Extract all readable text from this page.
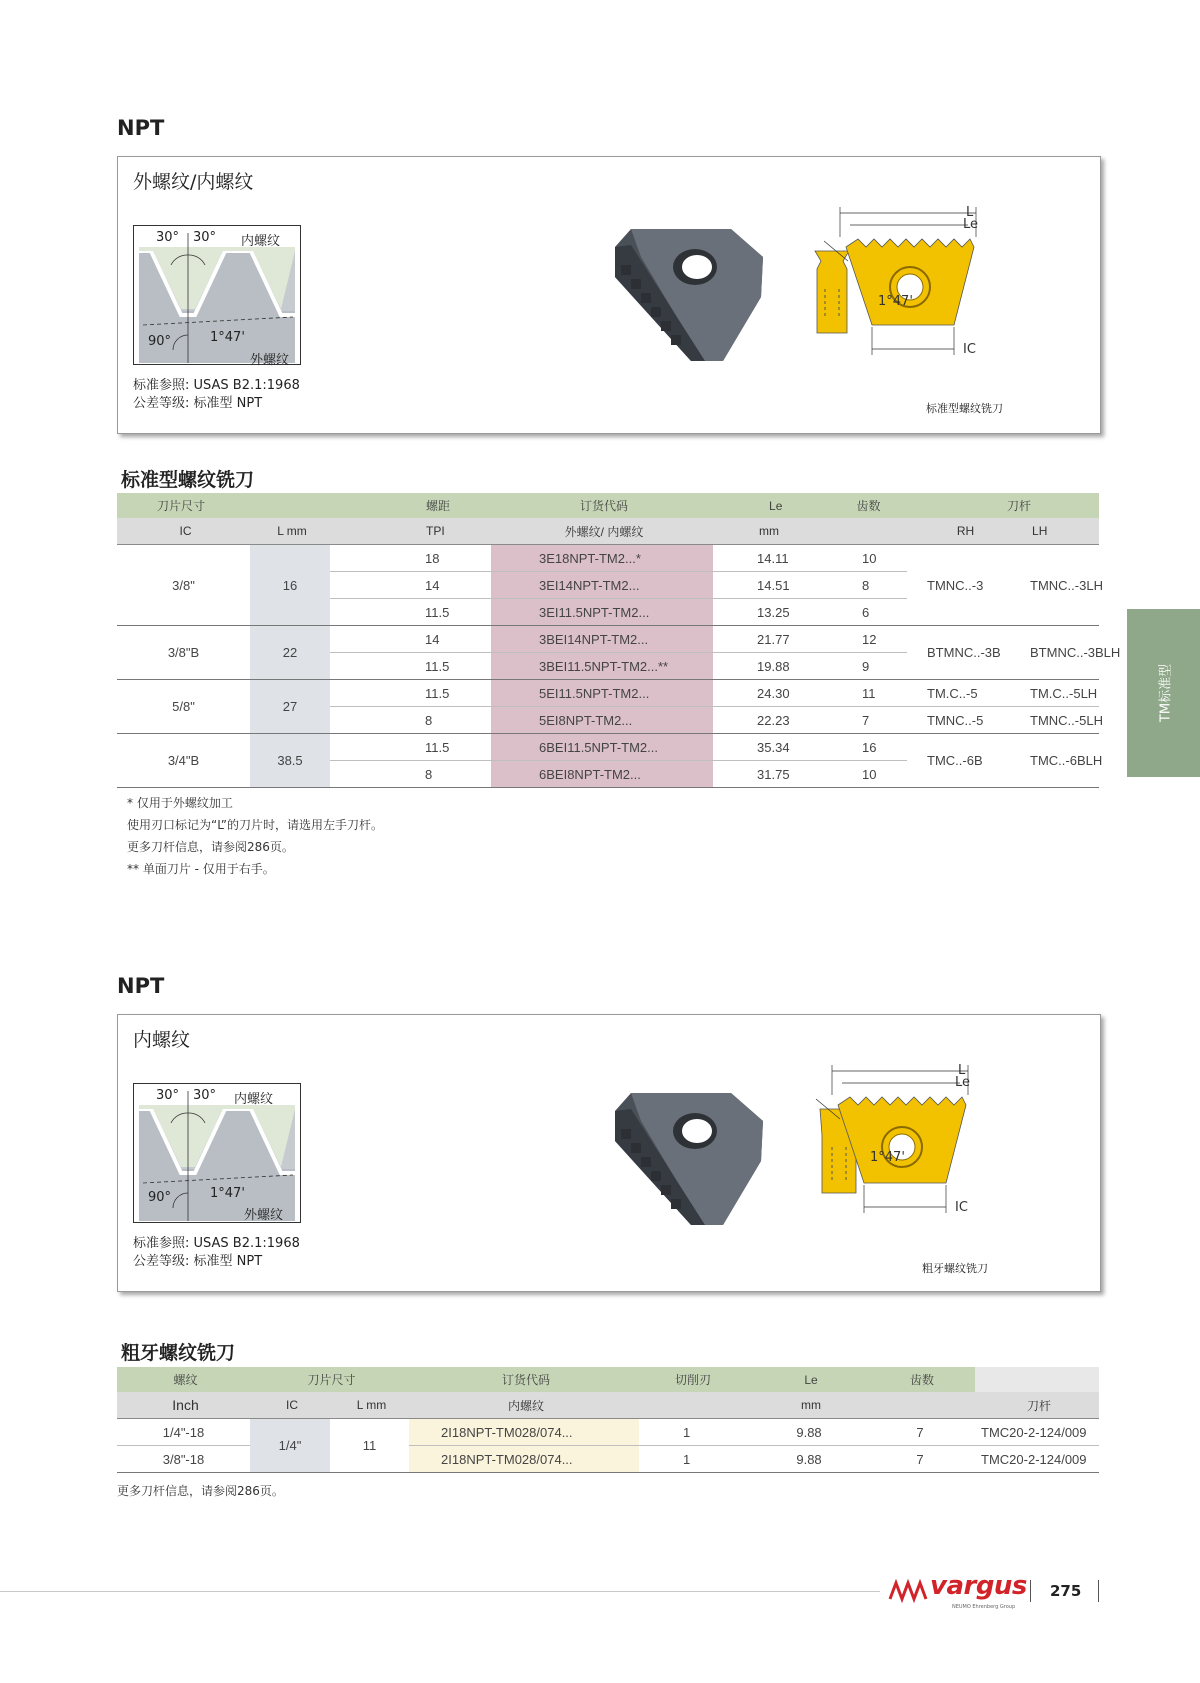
NPT
外螺纹/内螺纹
30° 30° 内螺纹
90°	1°47'
外螺纹
标准参照: USAS B2.1:1968
公差等级: 标准型 NPT
L
Le
1°47'
IC
标准型螺纹铣刀
标准型螺纹铣刀
刀片尺寸		螺距	订货代码	Le	齿数	刀杆	
IC	L mm	TPI	外螺纹/ 内螺纹	mm		RH	LH
3/8"	16	18	3E18NPT-TM2...*	14.11	10	TMNC..-3	TMNC..-3LH
		14	3EI14NPT-TM2...	14.51	8		
		11.5	3EI11.5NPT-TM2...	13.25	6		
3/8"B	22	14	3BEI14NPT-TM2...	21.77	12	BTMNC..-3B	BTMNC..-3BLH
		11.5	3BEI11.5NPT-TM2...**	19.88	9		
5/8"	27	11.5	5EI11.5NPT-TM2...	24.30	11	TM.C..-5	TM.C..-5LH
		8	5EI8NPT-TM2...	22.23	7	TMNC..-5	TMNC..-5LH
3/4"B	38.5	11.5	6BEI11.5NPT-TM2...	35.34	16	TMC..-6B	TMC..-6BLH
		8	6BEI8NPT-TM2...	31.75	10		
* 仅用于外螺纹加工
使用刃口标记为“L”的刀片时，请选用左手刀杆。
更多刀杆信息，请参阅286页。
** 单面刀片 - 仅用于右手。
NPT
内螺纹
30° 30° 内螺纹
90°	1°47'
外螺纹
标准参照: USAS B2.1:1968
公差等级: 标准型 NPT
L
Le
1°47'
IC
粗牙螺纹铣刀
粗牙螺纹铣刀
螺纹	刀片尺寸		订货代码	切削刃	Le	齿数	
Inch	IC	L mm	内螺纹		mm		刀杆
1/4"-18	1/4"	11	2I18NPT-TM028/074...	1	9.88	7	TMC20-2-124/009
3/8"-18			2I18NPT-TM028/074...	1	9.88	7	TMC20-2-124/009
更多刀杆信息，请参阅286页。
TM标准型
vargus
NEUMO Ehrenberg Group
275
